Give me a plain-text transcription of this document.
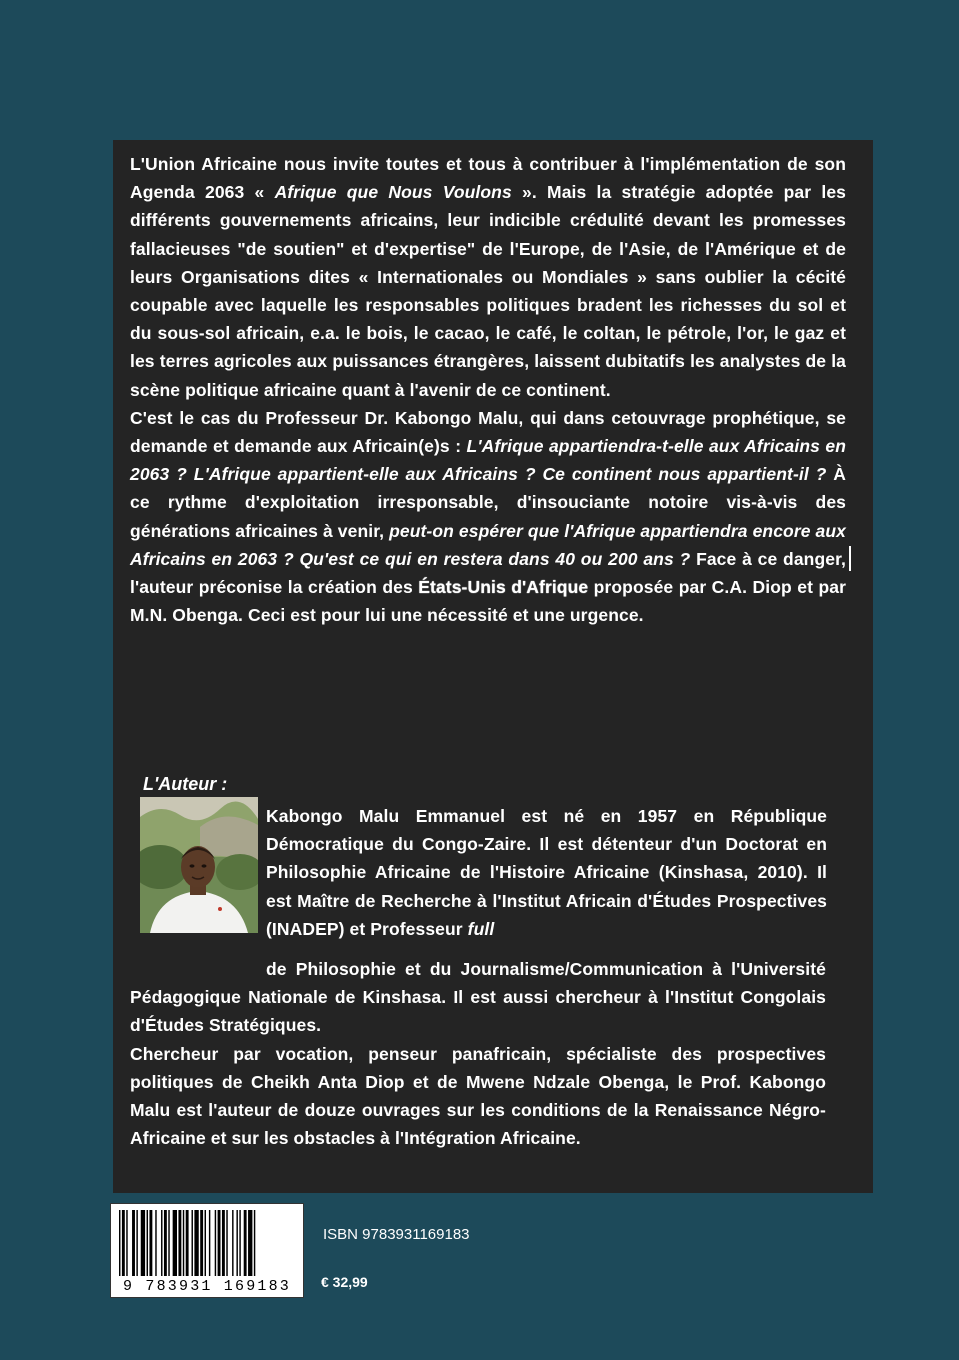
L'Union Africaine nous invite toutes et tous à contribuer à l'implémentation de son Agenda 2063 « Afrique que Nous Voulons ». Mais la stratégie adoptée par les différents gouvernements africains, leur indicible crédulité devant les promesses fallacieuses "de soutien" et d'expertise" de l'Europe, de l'Asie, de l'Amérique et de leurs Organisations dites « Internationales ou Mondiales » sans oublier la cécité coupable avec laquelle les responsables politiques bradent les richesses du sol et du sous-sol africain, e.a. le bois, le cacao, le café, le coltan, le pétrole, l'or, le gaz et les terres agricoles aux puissances étrangères, laissent dubitatifs les analystes de la scène politique africaine quant à l'avenir de ce continent.

C'est le cas du Professeur Dr. Kabongo Malu, qui dans cetouvrage prophétique, se demande et demande aux Africain(e)s : L'Afrique appartiendra-t-elle aux Africains en 2063 ? L'Afrique appartient-elle aux Africains ? Ce continent nous appartient-il ? À ce rythme d'exploitation irresponsable, d'insouciante notoire vis-à-vis des générations africaines à venir, peut-on espérer que l'Afrique appartiendra encore aux Africains en 2063 ? Qu'est ce qui en restera dans 40 ou 200 ans ? Face à ce danger, l'auteur préconise la création des États-Unis d'Afrique proposée par C.A. Diop et par M.N. Obenga. Ceci est pour lui une nécessité et une urgence.

L'Auteur :

Kabongo Malu Emmanuel est né en 1957 en République Démocratique du Congo-Zaire. Il est détenteur d'un Doctorat en Philosophie Africaine de l'Histoire Africaine (Kinshasa, 2010). Il est Maître de Recherche à l'Institut Africain d'Études Prospectives (INADEP) et Professeur full

de Philosophie et du Journalisme/Communication à l'Université Pédagogique Nationale de Kinshasa. Il est aussi chercheur à l'Institut Congolais d'Études Stratégiques.

Chercheur par vocation, penseur panafricain, spécialiste des prospectives politiques de Cheikh Anta Diop et de Mwene Ndzale Obenga, le Prof. Kabongo Malu est l'auteur de douze ouvrages sur les conditions de la Renaissance Négro-Africaine et sur les obstacles à l'Intégration Africaine.

9 783931 169183
ISBN 9783931169183
€ 32,99
